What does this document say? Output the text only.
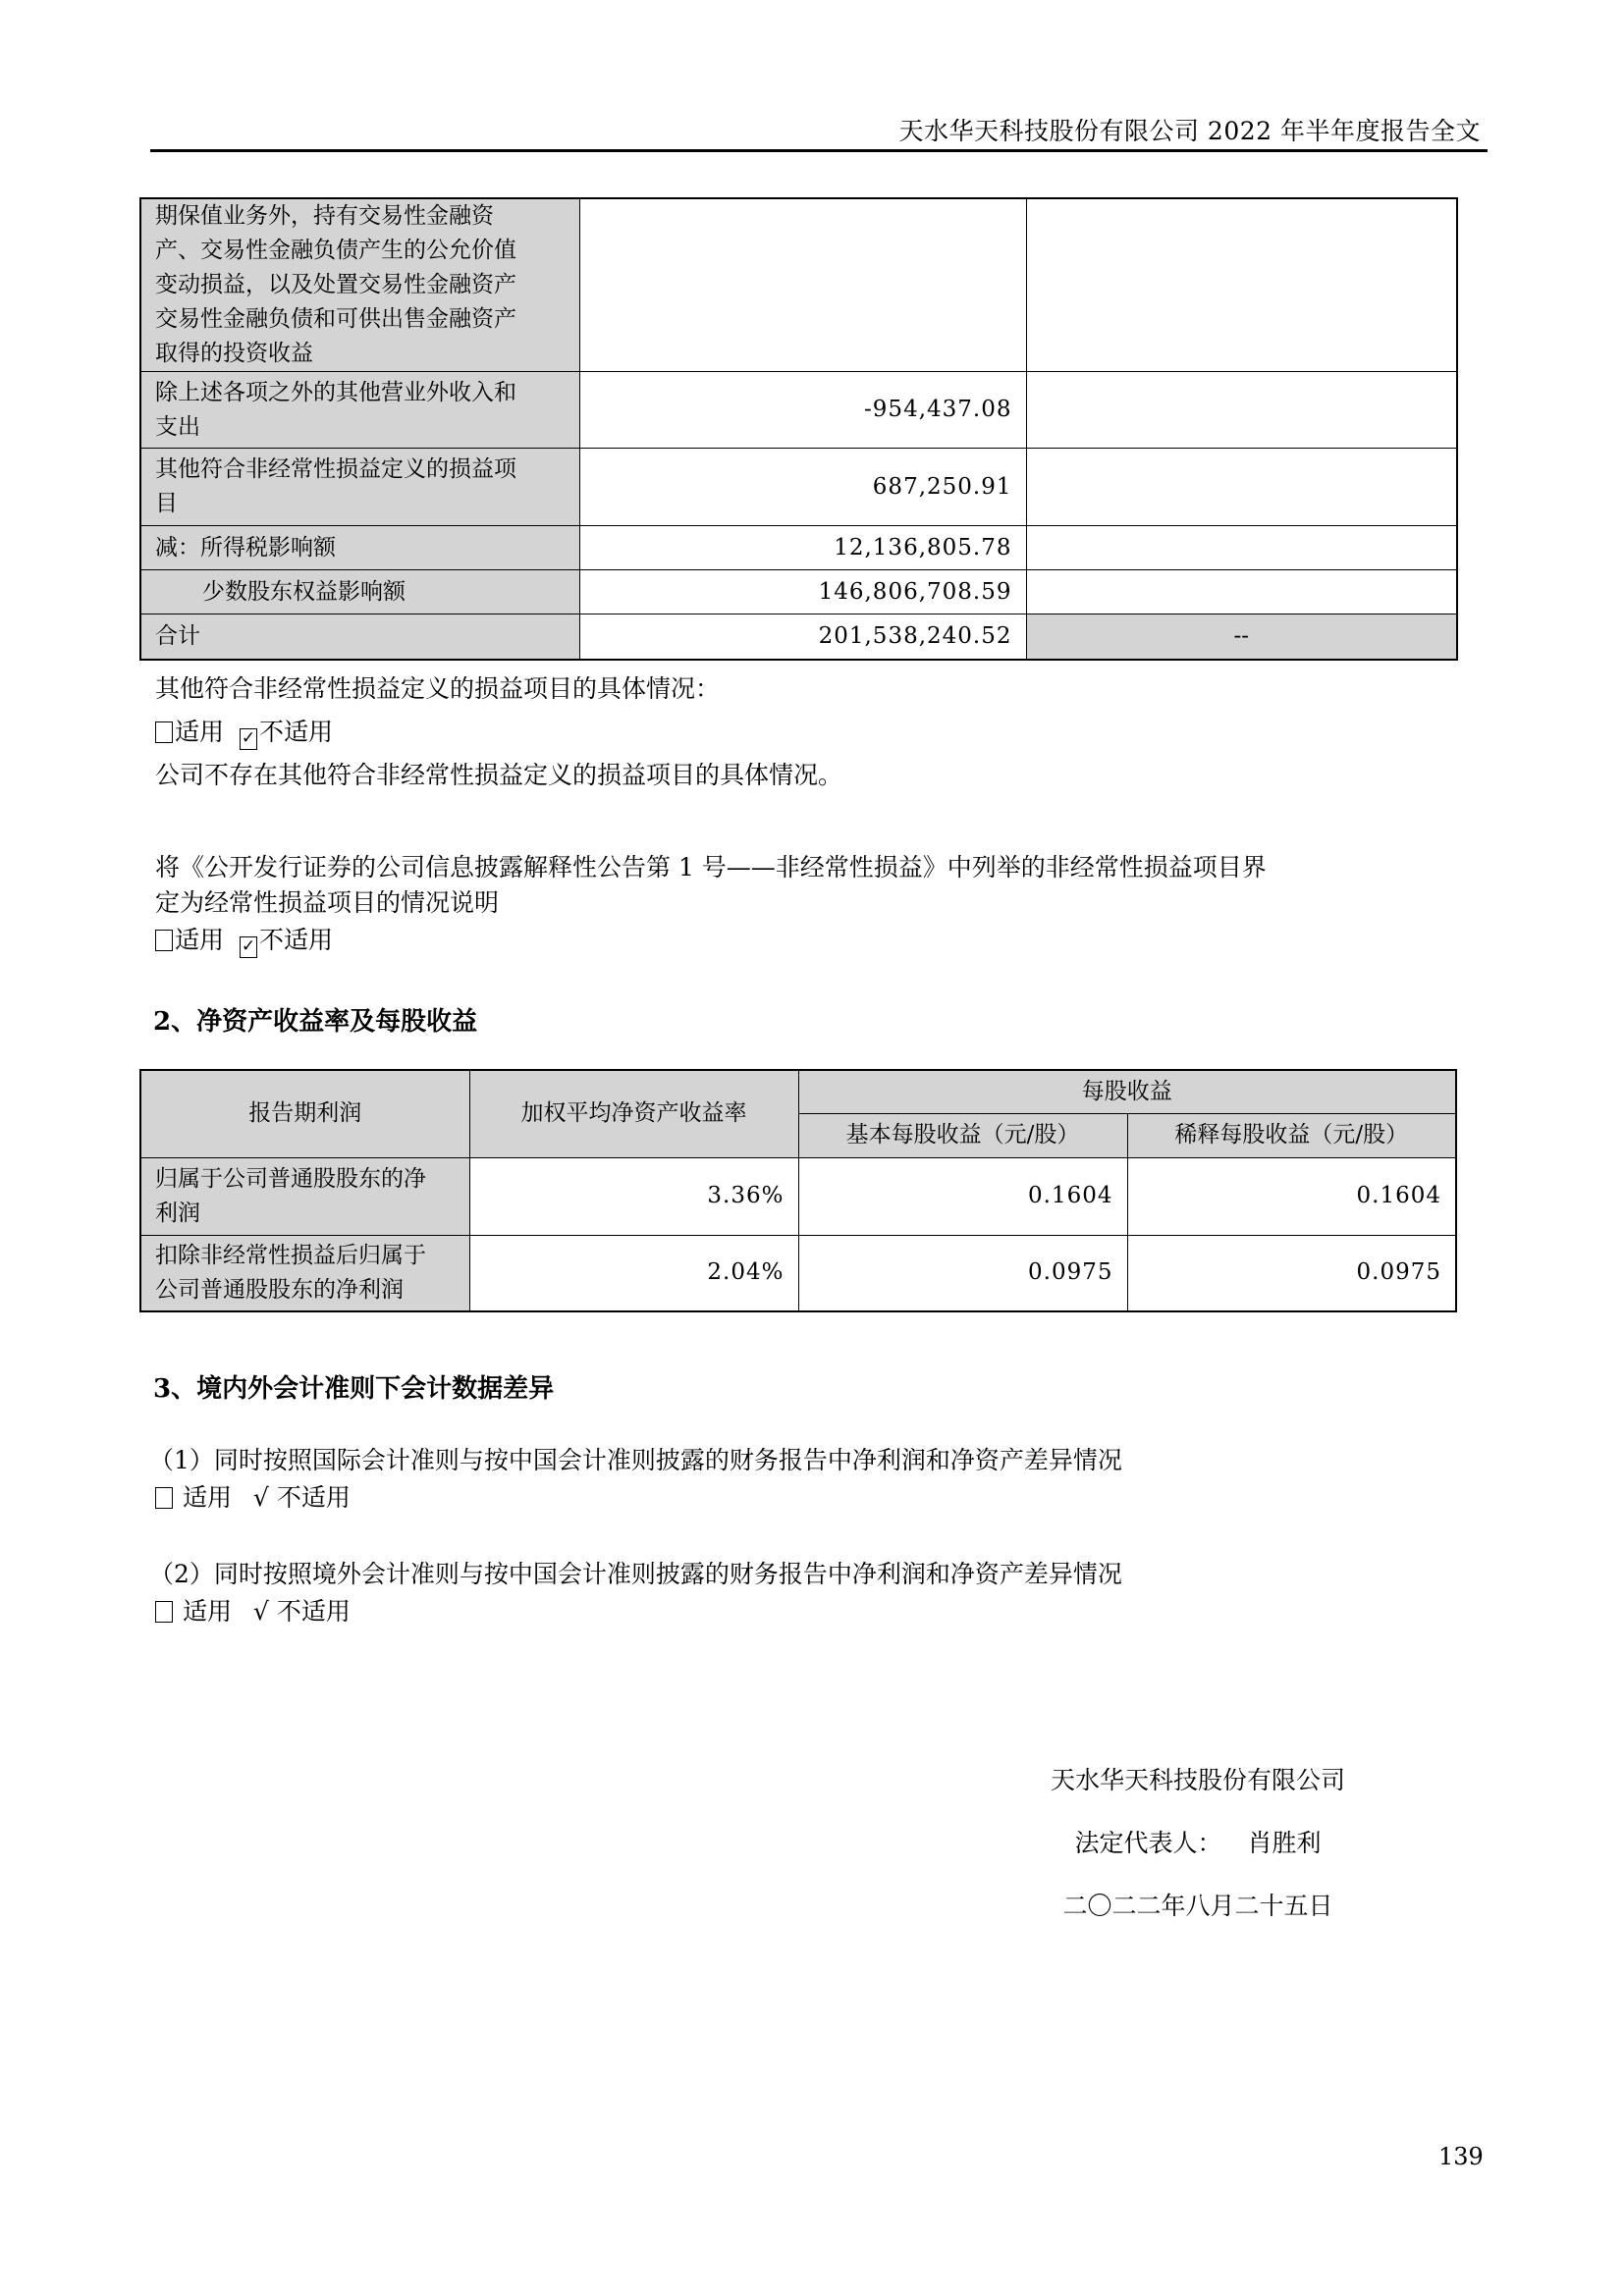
天水华天科技股份有限公司 2022 年半年度报告全文
期保值业务外，持有交易性金融资
产、交易性金融负债产生的公允价值
变动损益，以及处置交易性金融资产
交易性金融负债和可供出售金融资产
取得的投资收益		

除上述各项之外的其他营业外收入和
支出	-954,437.08	

其他符合非经常性损益定义的损益项
目	687,250.91	

减：所得税影响额	12,136,805.78	

少数股东权益影响额	146,806,708.59	

合计	201,538,240.52	--
其他符合非经常性损益定义的损益项目的具体情况：
适用 ✓ 不适用
公司不存在其他符合非经常性损益定义的损益项目的具体情况。
将《公开发行证券的公司信息披露解释性公告第 1 号——非经常性损益》中列举的非经常性损益项目界
定为经常性损益项目的情况说明
适用 ✓ 不适用
2、净资产收益率及每股收益
报告期利润	加权平均净资产收益率	每股收益	
		基本每股收益（元/股）	稀释每股收益（元/股）

归属于公司普通股股东的净
利润	3.36%	0.1604	0.1604

扣除非经常性损益后归属于
公司普通股股东的净利润	2.04%	0.0975	0.0975
3、境内外会计准则下会计数据差异
（1）同时按照国际会计准则与按中国会计准则披露的财务报告中净利润和净资产差异情况
适用 √ 不适用
（2）同时按照境外会计准则与按中国会计准则披露的财务报告中净利润和净资产差异情况
适用 √ 不适用
天水华天科技股份有限公司
法定代表人： 肖胜利
二〇二二年八月二十五日
139
